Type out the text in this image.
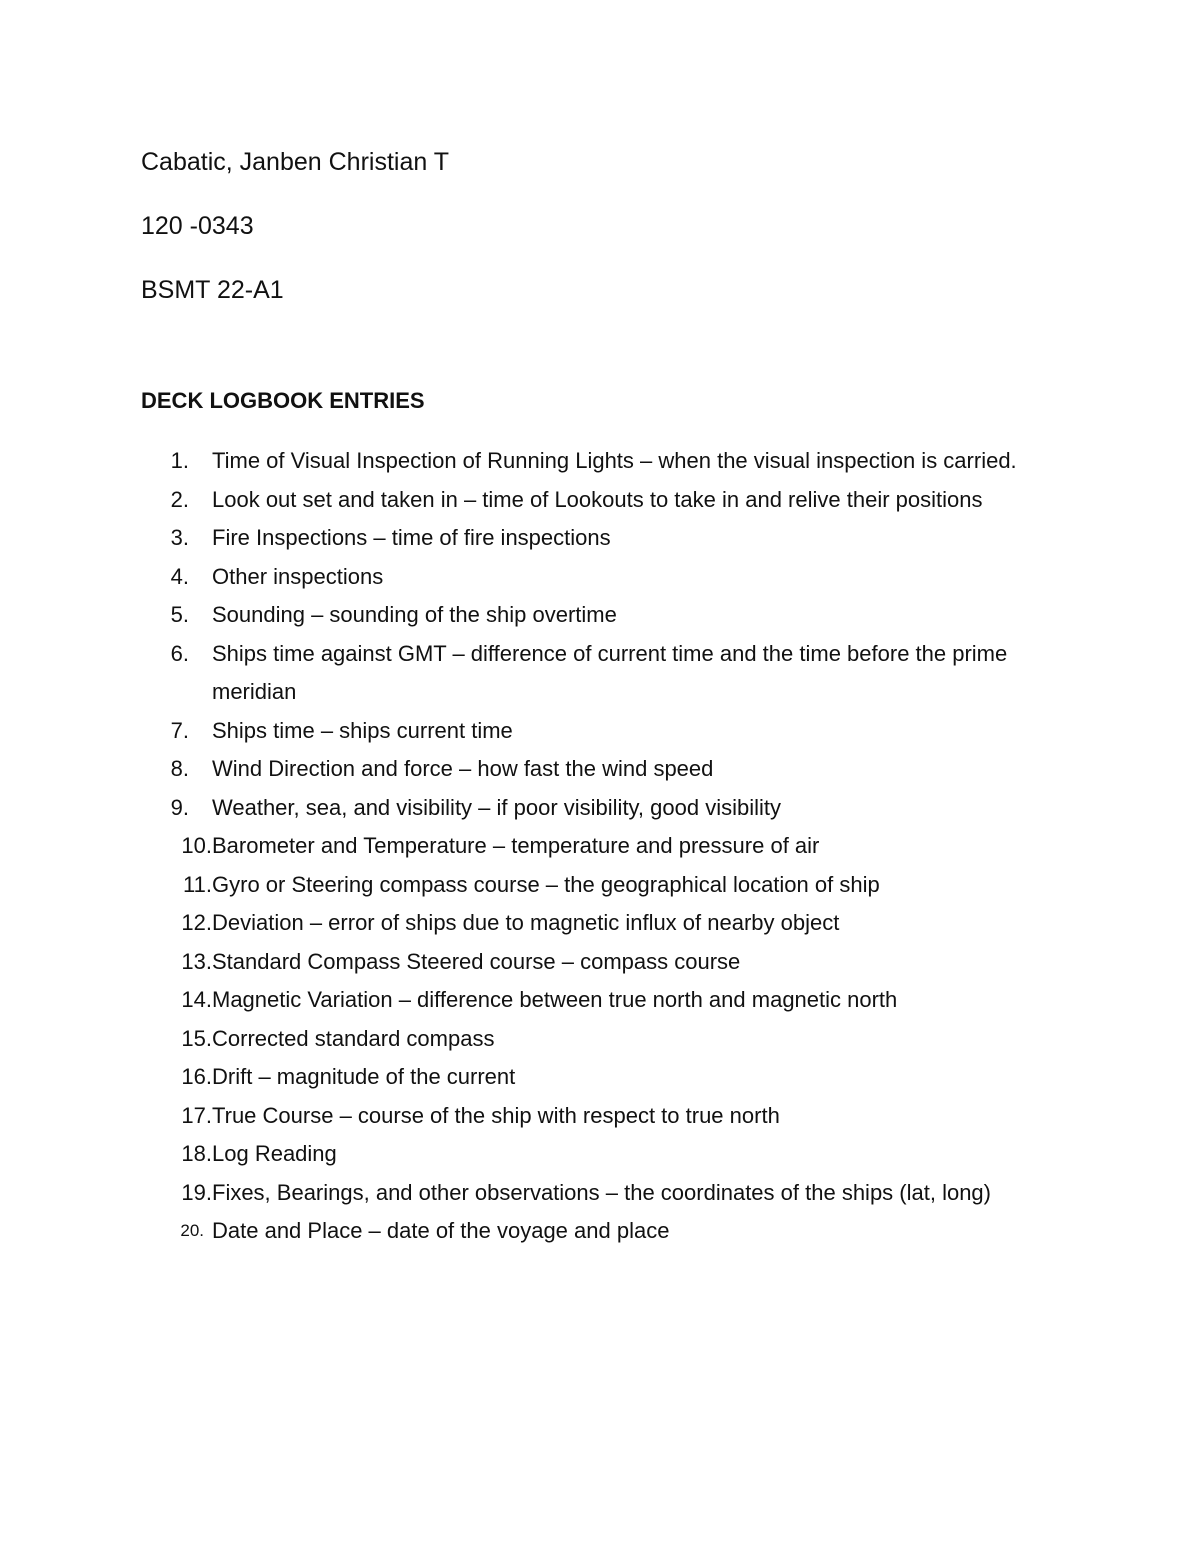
Cabatic, Janben Christian T
120 -0343
BSMT 22-A1
DECK LOGBOOK ENTRIES
1.	Time of Visual Inspection of Running Lights – when the visual inspection is carried.
2.	Look out set and taken in – time of Lookouts to take in and relive their positions
3.	Fire Inspections – time of fire inspections
4.	Other inspections
5.	Sounding – sounding of the ship overtime
6.	Ships time against GMT – difference of current time and the time before the prime meridian
7.	Ships time – ships current time
8.	Wind Direction and force – how fast the wind speed
9.	Weather, sea, and visibility – if poor visibility, good visibility
10. Barometer and Temperature – temperature and pressure of air
11. Gyro or Steering compass course – the geographical location of ship
12. Deviation – error of ships due to magnetic influx of nearby object
13. Standard Compass Steered course – compass course
14. Magnetic Variation – difference between true north and magnetic north
15. Corrected standard compass
16. Drift – magnitude of the current
17. True Course – course of the ship with respect to true north
18. Log Reading
19. Fixes, Bearings, and other observations – the coordinates of the ships (lat, long)
20. Date and Place – date of the voyage and place
